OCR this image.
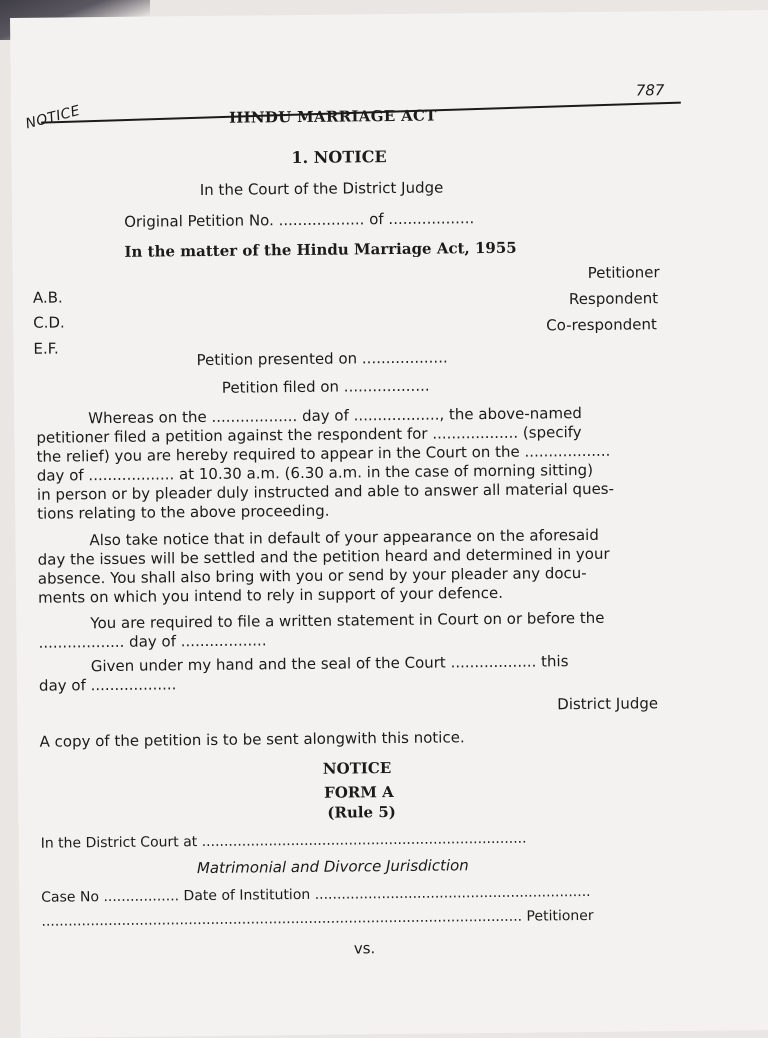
NOTICE
787
HINDU MARRIAGE ACT
1. NOTICE
In the Court of the District Judge
Original Petition No. .................. of ..................
In the matter of the Hindu Marriage Act, 1955
A.B.
C.D.
E.F.
Petitioner
Respondent
Co-respondent
Petition presented on ..................
Petition filed on ..................
Whereas on the .................. day of .................., the above-named
petitioner filed a petition against the respondent for .................. (specify
the relief) you are hereby required to appear in the Court on the ..................
day of .................. at 10.30 a.m. (6.30 a.m. in the case of morning sitting)
in person or by pleader duly instructed and able to answer all material ques-
tions relating to the above proceeding.
Also take notice that in default of your appearance on the aforesaid
day the issues will be settled and the petition heard and determined in your
absence. You shall also bring with you or send by your pleader any docu-
ments on which you intend to rely in support of your defence.
You are required to file a written statement in Court on or before the
.................. day of ..................
Given under my hand and the seal of the Court .................. this
day of ..................
District Judge
A copy of the petition is to be sent alongwith this notice.
NOTICE
FORM A
(Rule 5)
In the District Court at .........................................................................
Matrimonial and Divorce Jurisdiction
Case No ................. Date of Institution ..............................................................
............................................................................................................ Petitioner
vs.
